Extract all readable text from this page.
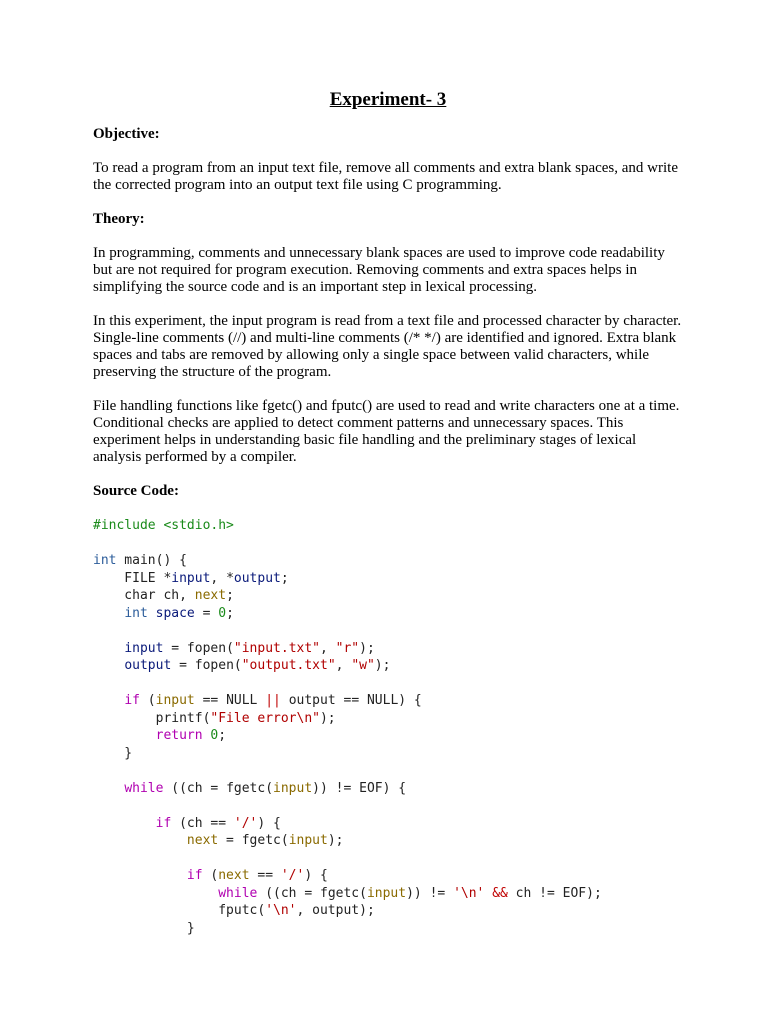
Experiment- 3

Objective:

To read a program from an input text file, remove all comments and extra blank spaces, and write the corrected program into an output text file using C programming.

Theory:

In programming, comments and unnecessary blank spaces are used to improve code readability but are not required for program execution. Removing comments and extra spaces helps in simplifying the source code and is an important step in lexical processing.

In this experiment, the input program is read from a text file and processed character by character. Single-line comments (//) and multi-line comments (/* */) are identified and ignored. Extra blank spaces and tabs are removed by allowing only a single space between valid characters, while preserving the structure of the program.

File handling functions like fgetc() and fputc() are used to read and write characters one at a time. Conditional checks are applied to detect comment patterns and unnecessary spaces. This experiment helps in understanding basic file handling and the preliminary stages of lexical analysis performed by a compiler.

Source Code:

#include <stdio.h>

int main() {
FILE *input, *output;
char ch, next;
int space = 0;

input = fopen("input.txt", "r");
output = fopen("output.txt", "w");

if (input == NULL || output == NULL) {
printf("File error\n");
return 0;
}

while ((ch = fgetc(input)) != EOF) {

if (ch == '/') {
next = fgetc(input);

if (next == '/') {
while ((ch = fgetc(input)) != '\n' && ch != EOF);
fputc('\n', output);
}
